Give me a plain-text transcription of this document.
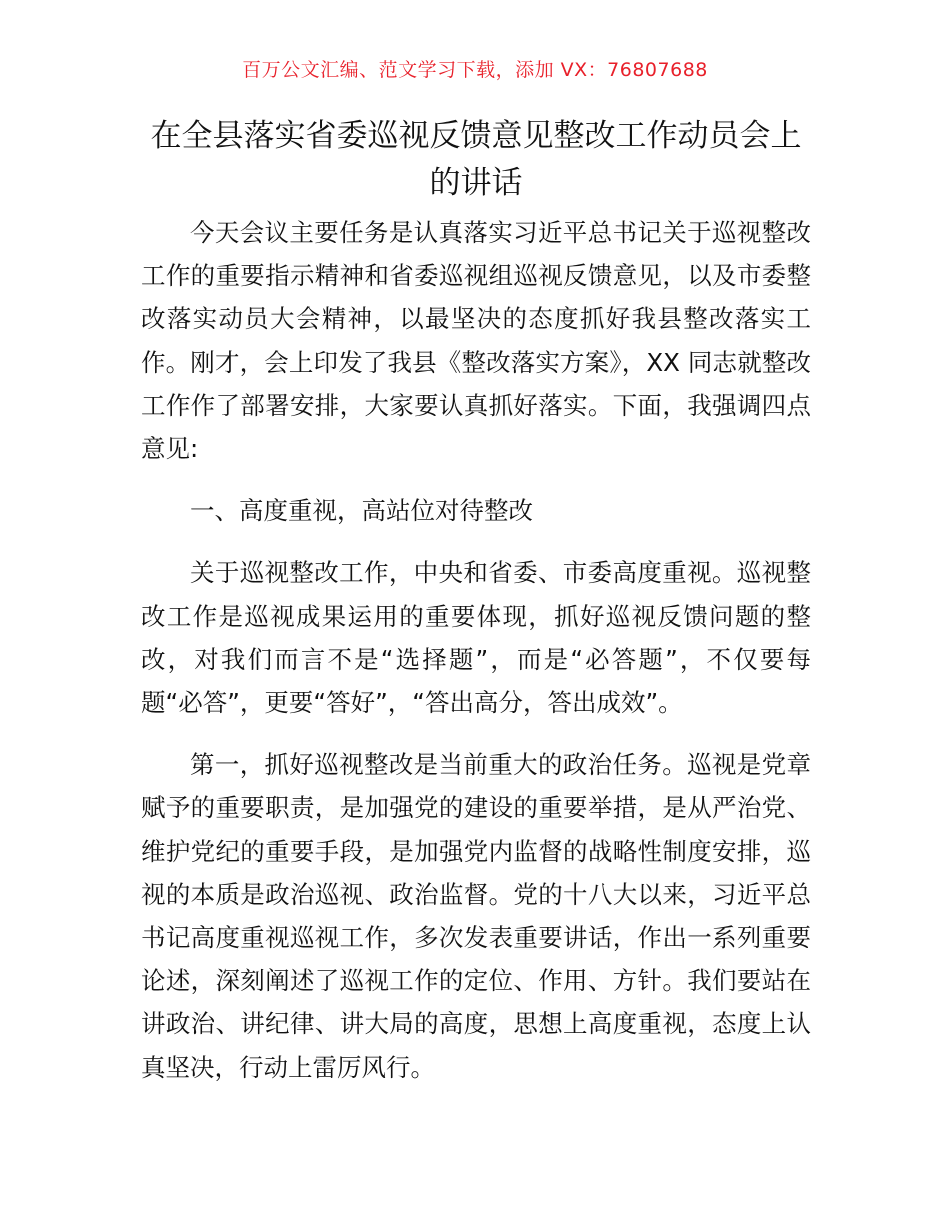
百万公文汇编、范文学习下载，添加 VX：76807688
在全县落实省委巡视反馈意见整改工作动员会上的讲话

今天会议主要任务是认真落实习近平总书记关于巡视整改工作的重要指示精神和省委巡视组巡视反馈意见，以及市委整改落实动员大会精神，以最坚决的态度抓好我县整改落实工作。刚才，会上印发了我县《整改落实方案》，XX 同志就整改工作作了部署安排，大家要认真抓好落实。下面，我强调四点意见:

一、高度重视，高站位对待整改

关于巡视整改工作，中央和省委、市委高度重视。巡视整改工作是巡视成果运用的重要体现，抓好巡视反馈问题的整改，对我们而言不是“选择题”，而是“必答题”，不仅要每题“必答”，更要“答好”，“答出高分，答出成效”。

第一，抓好巡视整改是当前重大的政治任务。巡视是党章赋予的重要职责，是加强党的建设的重要举措，是从严治党、维护党纪的重要手段，是加强党内监督的战略性制度安排，巡视的本质是政治巡视、政治监督。党的十八大以来，习近平总书记高度重视巡视工作，多次发表重要讲话，作出一系列重要论述，深刻阐述了巡视工作的定位、作用、方针。我们要站在讲政治、讲纪律、讲大局的高度，思想上高度重视，态度上认真坚决，行动上雷厉风行。
